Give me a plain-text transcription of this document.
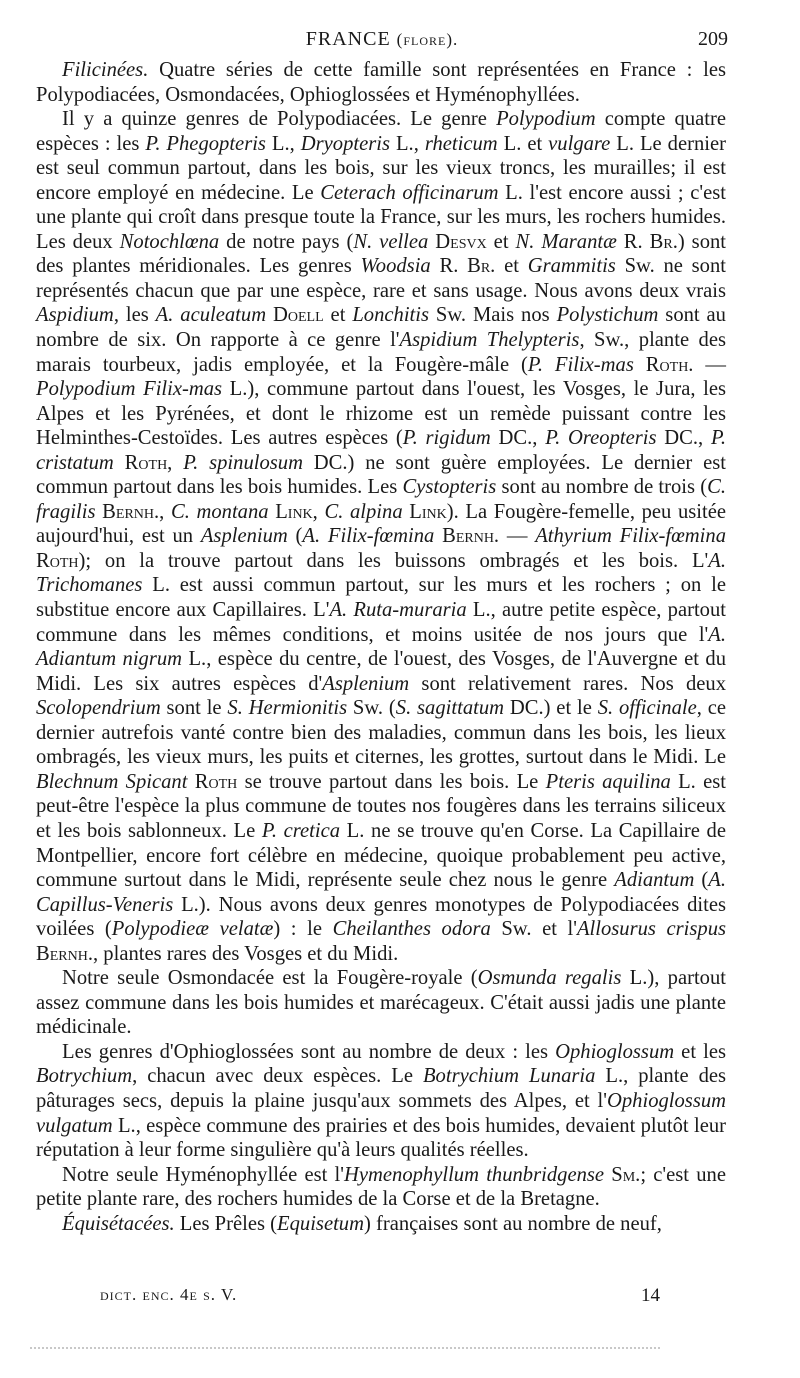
FRANCE (flore).	209

Filicinées. Quatre séries de cette famille sont représentées en France : les Polypodiacées, Osmondacées, Ophioglossées et Hyménophyllées.

Il y a quinze genres de Polypodiacées. Le genre Polypodium compte quatre espèces : les P. Phegopteris L., Dryopteris L., rheticum L. et vulgare L. Le dernier est seul commun partout, dans les bois, sur les vieux troncs, les murailles; il est encore employé en médecine. Le Ceterach officinarum L. l'est encore aussi ; c'est une plante qui croît dans presque toute la France, sur les murs, les rochers humides. Les deux Notochlœna de notre pays (N. vellea Desvx et N. Marantæ R. Br.) sont des plantes méridionales. Les genres Woodsia R. Br. et Grammitis Sw. ne sont représentés chacun que par une espèce, rare et sans usage. Nous avons deux vrais Aspidium, les A. aculeatum Doell et Lonchitis Sw. Mais nos Polystichum sont au nombre de six. On rapporte à ce genre l'Aspidium Thelypteris, Sw., plante des marais tourbeux, jadis employée, et la Fougère-mâle (P. Filix-mas Roth. — Polypodium Filix-mas L.), commune partout dans l'ouest, les Vosges, le Jura, les Alpes et les Pyrénées, et dont le rhizome est un remède puissant contre les Helminthes-Cestoïdes. Les autres espèces (P. rigidum DC., P. Oreopteris DC., P. cristatum Roth, P. spinulosum DC.) ne sont guère employées. Le dernier est commun partout dans les bois humides. Les Cystopteris sont au nombre de trois (C. fragilis Bernh., C. montana Link, C. alpina Link). La Fougère-femelle, peu usitée aujourd'hui, est un Asplenium (A. Filix-fœmina Bernh. — Athyrium Filix-fœmina Roth); on la trouve partout dans les buissons ombragés et les bois. L'A. Trichomanes L. est aussi commun partout, sur les murs et les rochers ; on le substitue encore aux Capillaires. L'A. Ruta-muraria L., autre petite espèce, partout commune dans les mêmes conditions, et moins usitée de nos jours que l'A. Adiantum nigrum L., espèce du centre, de l'ouest, des Vosges, de l'Auvergne et du Midi. Les six autres espèces d'Asplenium sont relativement rares. Nos deux Scolopendrium sont le S. Hermionitis Sw. (S. sagittatum DC.) et le S. officinale, ce dernier autrefois vanté contre bien des maladies, commun dans les bois, les lieux ombragés, les vieux murs, les puits et citernes, les grottes, surtout dans le Midi. Le Blechnum Spicant Roth se trouve partout dans les bois. Le Pteris aquilina L. est peut-être l'espèce la plus commune de toutes nos fougères dans les terrains siliceux et les bois sablonneux. Le P. cretica L. ne se trouve qu'en Corse. La Capillaire de Montpellier, encore fort célèbre en médecine, quoique probablement peu active, commune surtout dans le Midi, représente seule chez nous le genre Adiantum (A. Capillus-Veneris L.). Nous avons deux genres monotypes de Polypodiacées dites voilées (Polypodieæ velatæ) : le Cheilanthes odora Sw. et l'Allosurus crispus Bernh., plantes rares des Vosges et du Midi.

Notre seule Osmondacée est la Fougère-royale (Osmunda regalis L.), partout assez commune dans les bois humides et marécageux. C'était aussi jadis une plante médicinale.

Les genres d'Ophioglossées sont au nombre de deux : les Ophioglossum et les Botrychium, chacun avec deux espèces. Le Botrychium Lunaria L., plante des pâturages secs, depuis la plaine jusqu'aux sommets des Alpes, et l'Ophioglossum vulgatum L., espèce commune des prairies et des bois humides, devaient plutôt leur réputation à leur forme singulière qu'à leurs qualités réelles.

Notre seule Hyménophyllée est l'Hymenophyllum thunbridgense Sm.; c'est une petite plante rare, des rochers humides de la Corse et de la Bretagne.

Équisétacées. Les Prêles (Equisetum) françaises sont au nombre de neuf,

dict. enc. 4e s. V.	14
